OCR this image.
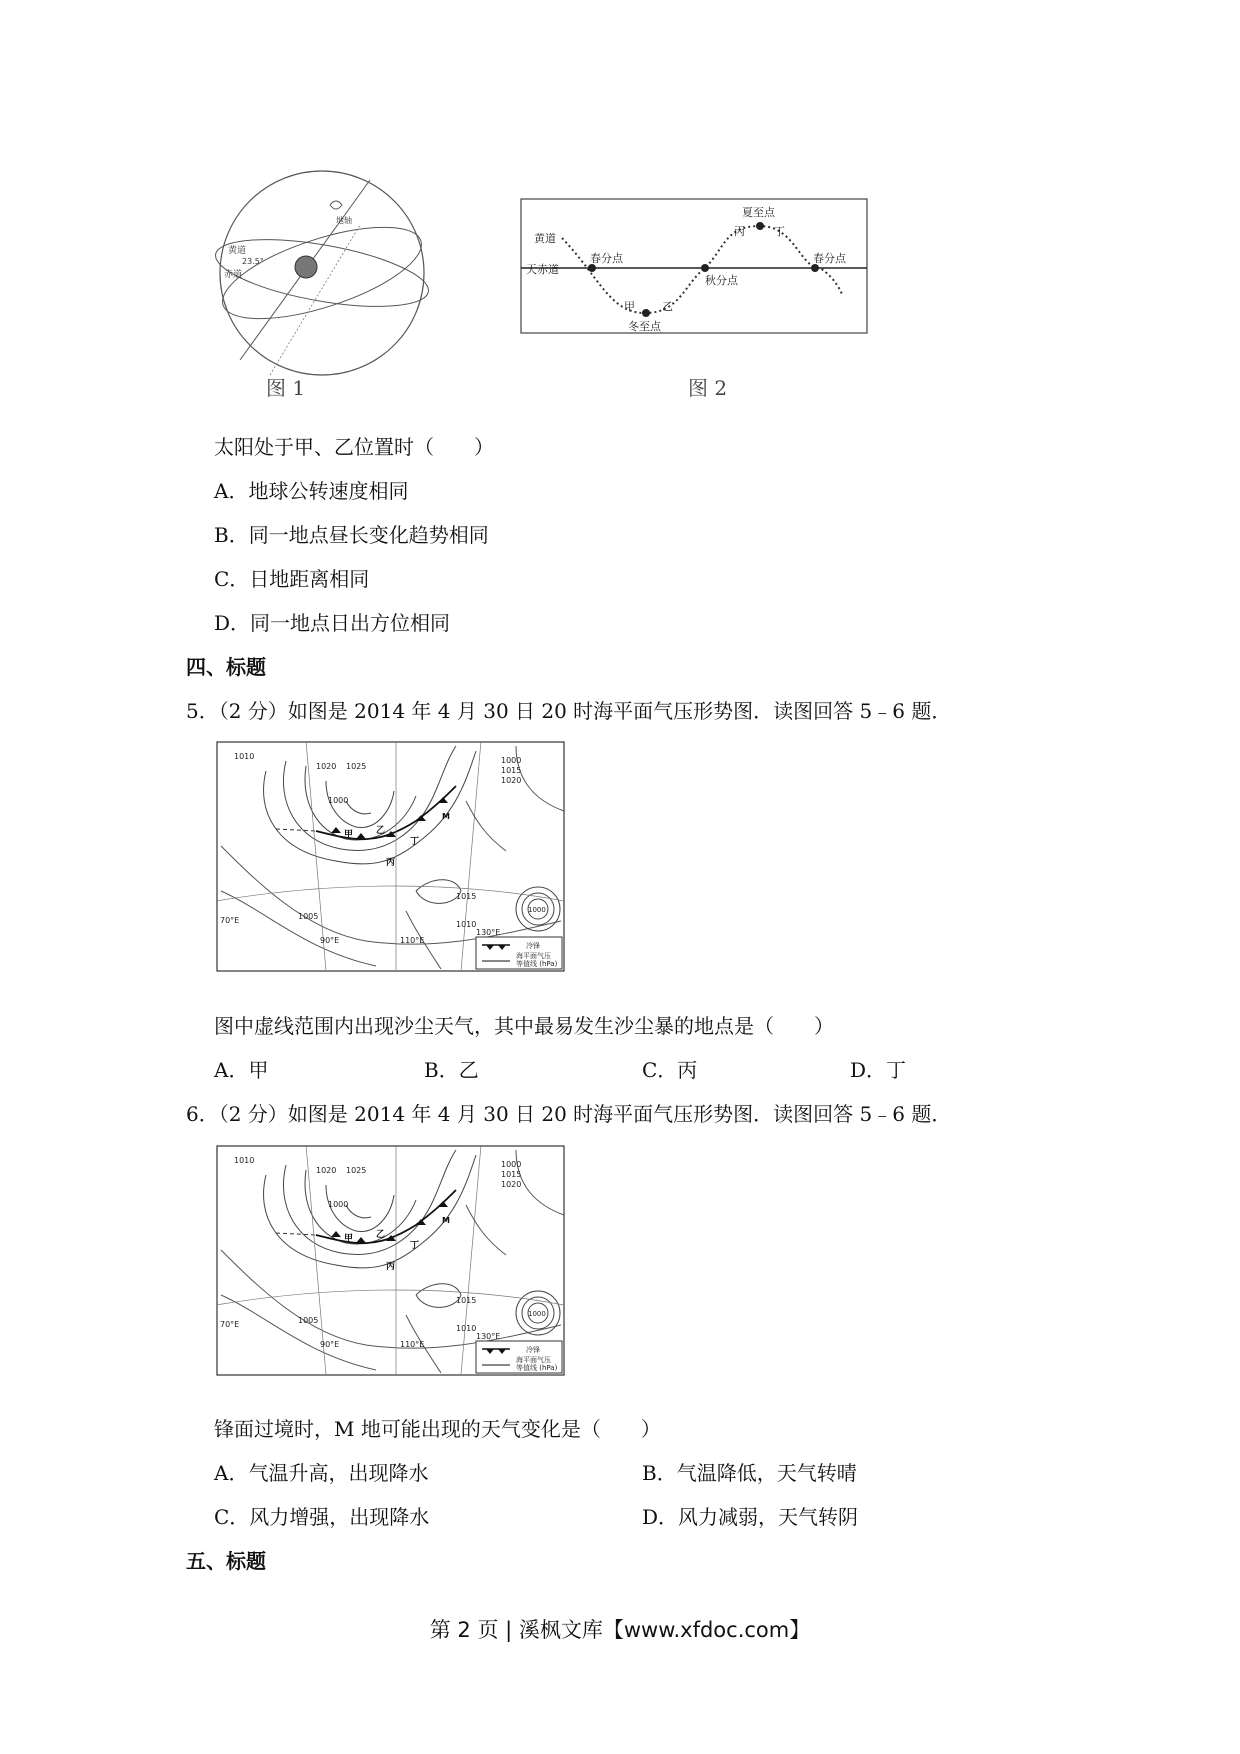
黄道
赤道
23.5°
地轴
图 1
黄道
天赤道
春分点
秋分点
春分点
夏至点
冬至点
甲 乙
丙	丁
图 2
太阳处于甲、乙位置时（　　）
A．地球公转速度相同
B．同一地点昼长变化趋势相同
C．日地距离相同
D．同一地点日出方位相同
四、标题
5．（2 分）如图是 2014 年 4 月 30 日 20 时海平面气压形势图．读图回答 5﹣6 题．
1010
1020 1025
1000
1000
1015
1020
1015
1010
1000
1005
90°E	110°E
130°E
70°E
甲	乙
丙
丁
M
冷锋
海平面气压
等值线 (hPa)
图中虚线范围内出现沙尘天气，其中最易发生沙尘暴的地点是（　　）
A．甲	B．乙	C．丙	D．丁
6．（2 分）如图是 2014 年 4 月 30 日 20 时海平面气压形势图．读图回答 5﹣6 题．
1010
1020 1025
1000
1000
1015
1020
1015
1010
1000
1005
90°E	110°E
130°E
70°E
甲	乙
丙
丁
M
冷锋
海平面气压
等值线 (hPa)
锋面过境时，M 地可能出现的天气变化是（　　）
A．气温升高，出现降水	B．气温降低，天气转晴
C．风力增强，出现降水	D．风力减弱，天气转阴
五、标题
第 2 页 | 溪枫文库【www.xfdoc.com】
